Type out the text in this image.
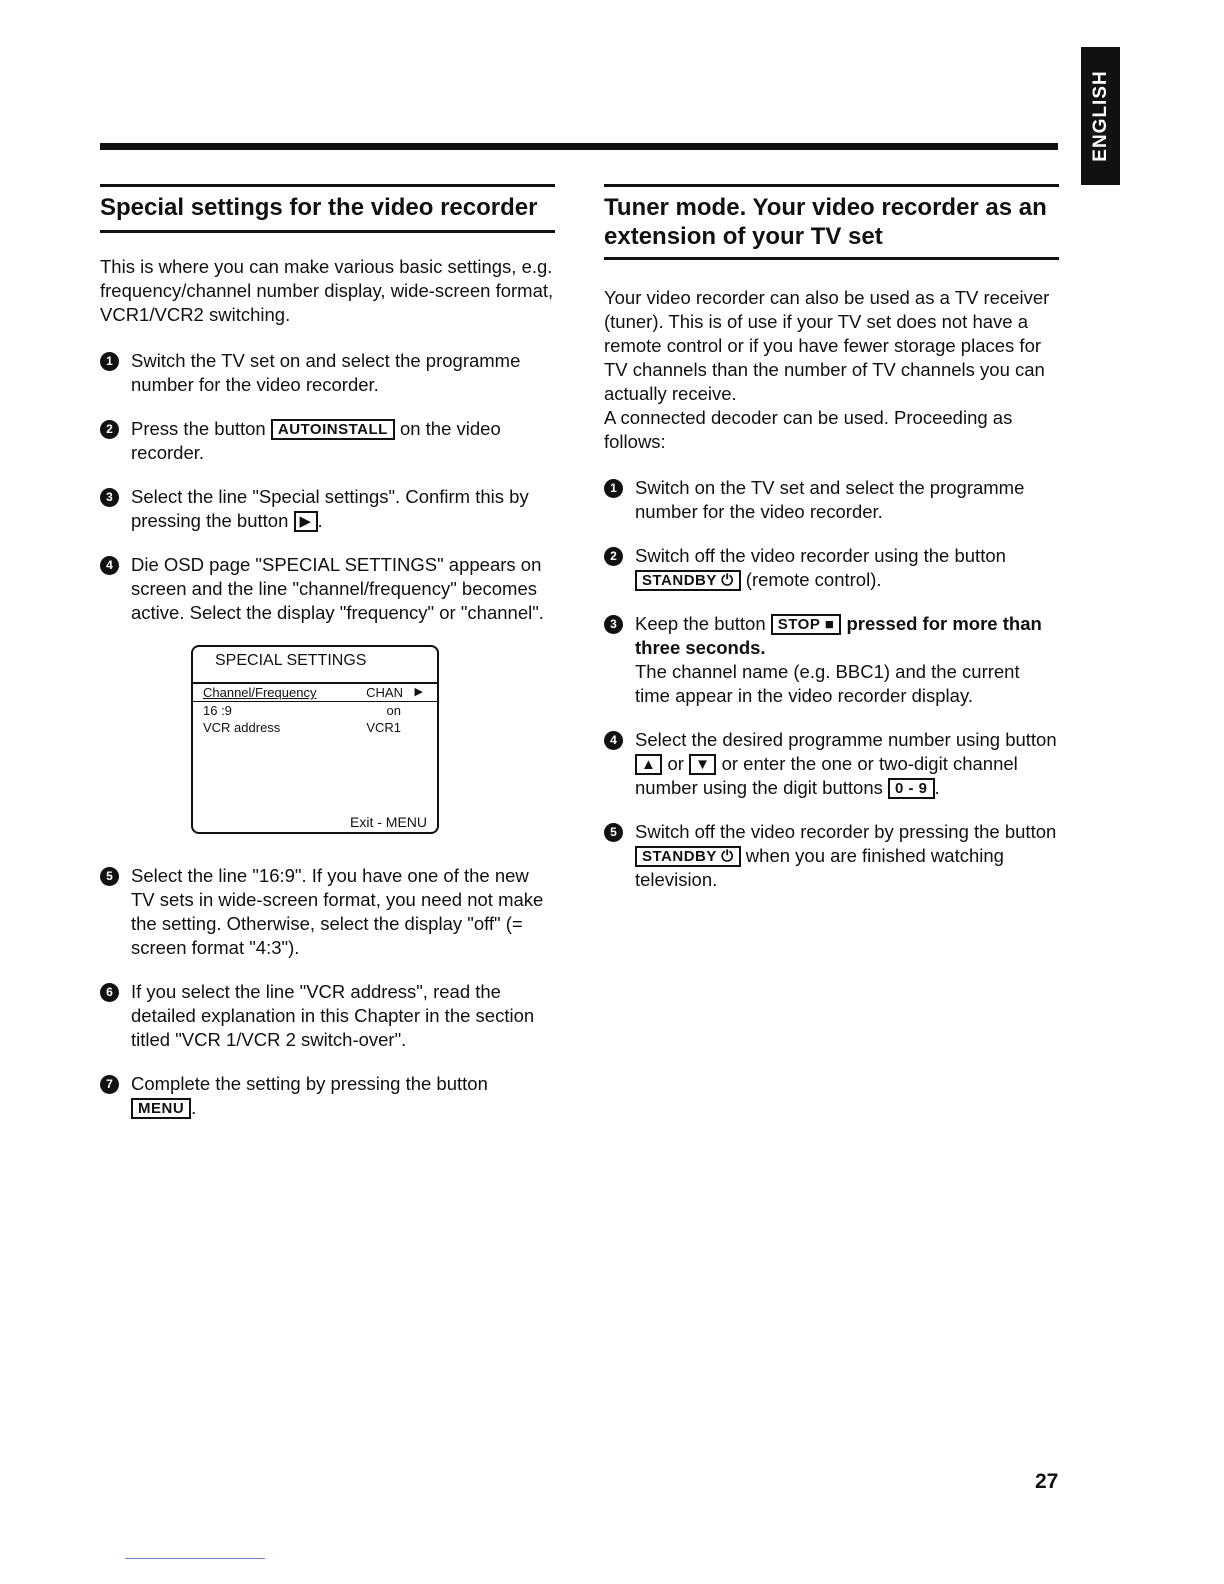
ENGLISH
Special settings for the video recorder

This is where you can make various basic settings, e.g. frequency/channel number display, wide-screen format, VCR1/VCR2 switching.

1 Switch the TV set on and select the programme number for the video recorder.
2 Press the button AUTOINSTALL on the video recorder.
3 Select the line "Special settings". Confirm this by pressing the button ▶ .
4 Die OSD page "SPECIAL SETTINGS" appears on screen and the line "channel/frequency" becomes active. Select the display "frequency" or "channel".
SPECIAL SETTINGS
Channel/Frequency	CHAN ▶
16 :9	on
VCR address	VCR1
Exit - MENU
5 Select the line "16:9". If you have one of the new TV sets in wide-screen format, you need not make the setting. Otherwise, select the display "off" (= screen format "4:3").
6 If you select the line "VCR address", read the detailed explanation in this Chapter in the section titled "VCR 1/VCR 2 switch-over".
7 Complete the setting by pressing the button
MENU .
Tuner mode. Your video recorder as an extension of your TV set

Your video recorder can also be used as a TV receiver (tuner). This is of use if your TV set does not have a remote control or if you have fewer storage places for TV channels than the number of TV channels you can actually receive.

A connected decoder can be used. Proceeding as follows:

1 Switch on the TV set and select the programme number for the video recorder.
2 Switch off the video recorder using the button
STANDBY ⏻ (remote control).
3 Keep the button STOP ■ pressed for more than three seconds.
The channel name (e.g. BBC1) and the current time appear in the video recorder display.
4 Select the desired programme number using button ▲ or ▼ or enter the one or two-digit channel number using the digit buttons 0 - 9 .
5 Switch off the video recorder by pressing the button STANDBY ⏻ when you are finished watching television.
27
